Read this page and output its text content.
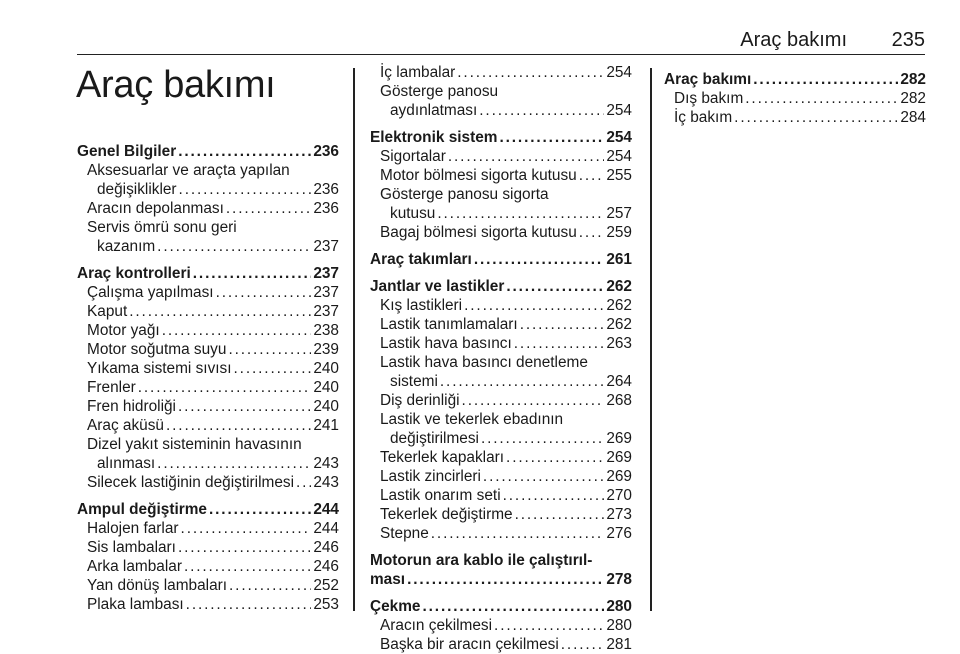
Araç bakımı 235
Araç bakımı
Genel Bilgiler . . .	236
Aksesuarlar ve araçta yapılan
değişiklikler . . .	236
Aracın depolanması . . .	236
Servis ömrü sonu geri
kazanım . . .	237
Araç kontrolleri . . .	237
Çalışma yapılması . . .	237
Kaput . . .	237
Motor yağı . . .	238
Motor soğutma suyu . . .	239
Yıkama sistemi sıvısı . . .	240
Frenler . . .	240
Fren hidroliği . . .	240
Araç aküsü . . .	241
Dizel yakıt sisteminin havasının
alınması . . .	243
Silecek lastiğinin değiştirilmesi . . . 243
Ampul değiştirme . . .	244
Halojen farlar . . .	244
Sis lambaları . . .	246
Arka lambalar . . .	246
Yan dönüş lambaları . . .	252
Plaka lambası . . .	253
İç lambalar . . .	254
Gösterge panosu
aydınlatması . . .	254
Elektronik sistem . . .	254
Sigortalar . . .	254
Motor bölmesi sigorta kutusu . . . 255
Gösterge panosu sigorta
kutusu . . .	257
Bagaj bölmesi sigorta kutusu . . . 259
Araç takımları . . .	261
Jantlar ve lastikler . . .	262
Kış lastikleri . . .	262
Lastik tanımlamaları . . .	262
Lastik hava basıncı . . .	263
Lastik hava basıncı denetleme
sistemi . . .	264
Diş derinliği . . .	268
Lastik ve tekerlek ebadının
değiştirilmesi . . .	269
Tekerlek kapakları . . .	269
Lastik zincirleri . . .	269
Lastik onarım seti . . .	270
Tekerlek değiştirme . . .	273
Stepne . . .	276
Motorun ara kablo ile çalıştırıl-
ması . . .	278
Çekme . . .	280
Aracın çekilmesi . . .	280
Başka bir aracın çekilmesi . . .	281
Araç bakımı . . .	282
Dış bakım . . .	282
İç bakım . . .	284
